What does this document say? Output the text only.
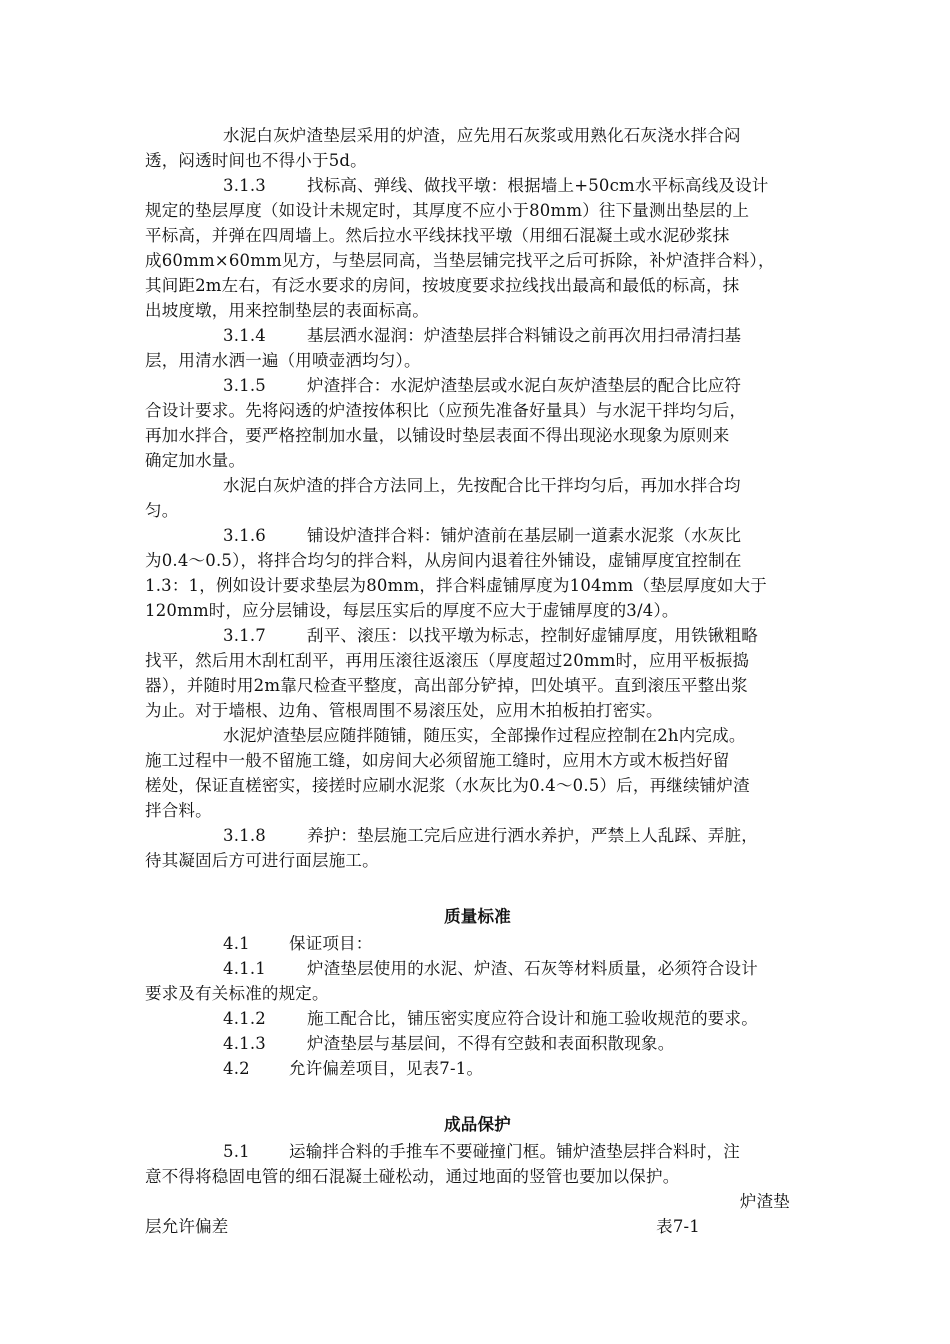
水泥白灰炉渣垫层采用的炉渣，应先用石灰浆或用熟化石灰浇水拌合闷
透，闷透时间也不得小于5d。
3.1.3 找标高、弹线、做找平墩：根据墙上+50cm水平标高线及设计
规定的垫层厚度（如设计未规定时，其厚度不应小于80mm）往下量测出垫层的上
平标高，并弹在四周墙上。然后拉水平线抹找平墩（用细石混凝土或水泥砂浆抹
成60mm×60mm见方，与垫层同高，当垫层铺完找平之后可拆除，补炉渣拌合料），
其间距2m左右，有泛水要求的房间，按坡度要求拉线找出最高和最低的标高，抹
出坡度墩，用来控制垫层的表面标高。
3.1.4 基层洒水湿润：炉渣垫层拌合料铺设之前再次用扫帚清扫基
层，用清水洒一遍（用喷壶洒均匀）。
3.1.5 炉渣拌合：水泥炉渣垫层或水泥白灰炉渣垫层的配合比应符
合设计要求。先将闷透的炉渣按体积比（应预先准备好量具）与水泥干拌均匀后，
再加水拌合，要严格控制加水量，以铺设时垫层表面不得出现泌水现象为原则来
确定加水量。
水泥白灰炉渣的拌合方法同上，先按配合比干拌均匀后，再加水拌合均
匀。
3.1.6 铺设炉渣拌合料：铺炉渣前在基层刷一道素水泥浆（水灰比
为0.4～0.5），将拌合均匀的拌合料，从房间内退着往外铺设，虚铺厚度宜控制在
1.3：1，例如设计要求垫层为80mm，拌合料虚铺厚度为104mm（垫层厚度如大于
120mm时，应分层铺设，每层压实后的厚度不应大于虚铺厚度的3/4）。
3.1.7 刮平、滚压：以找平墩为标志，控制好虚铺厚度，用铁锹粗略
找平，然后用木刮杠刮平，再用压滚往返滚压（厚度超过20mm时，应用平板振捣
器），并随时用2m靠尺检查平整度，高出部分铲掉，凹处填平。直到滚压平整出浆
为止。对于墙根、边角、管根周围不易滚压处，应用木拍板拍打密实。
水泥炉渣垫层应随拌随铺，随压实，全部操作过程应控制在2h内完成。
施工过程中一般不留施工缝，如房间大必须留施工缝时，应用木方或木板挡好留
槎处，保证直槎密实，接搓时应刷水泥浆（水灰比为0.4～0.5）后，再继续铺炉渣
拌合料。
3.1.8 养护：垫层施工完后应进行洒水养护，严禁上人乱踩、弄脏，
待其凝固后方可进行面层施工。
质量标准
4.1 保证项目：
4.1.1 炉渣垫层使用的水泥、炉渣、石灰等材料质量，必须符合设计
要求及有关标准的规定。
4.1.2 施工配合比，铺压密实度应符合设计和施工验收规范的要求。
4.1.3 炉渣垫层与基层间，不得有空鼓和表面积散现象。
4.2 允许偏差项目，见表7-1。
成品保护
5.1 运输拌合料的手推车不要碰撞门框。铺炉渣垫层拌合料时，注
意不得将稳固电管的细石混凝土碰松动，通过地面的竖管也要加以保护。
炉渣垫
层允许偏差	表7-1
